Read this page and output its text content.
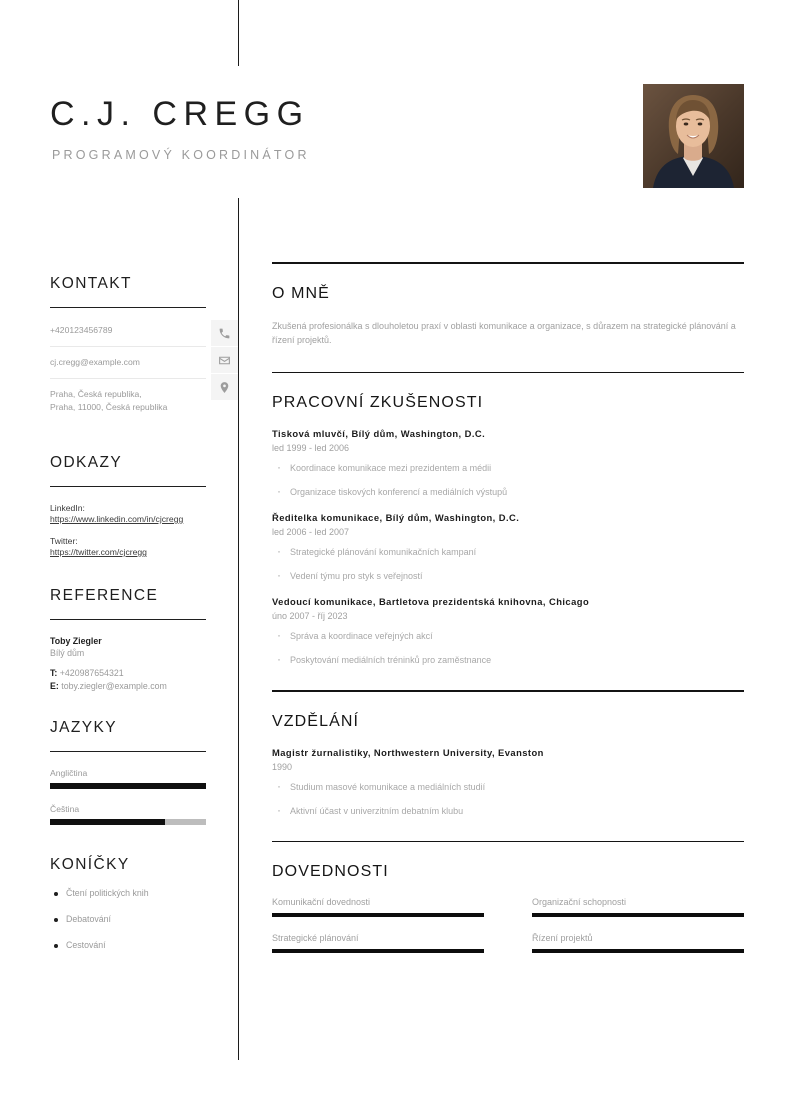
C.J. CREGG
PROGRAMOVÝ KOORDINÁTOR
KONTAKT
+420123456789
cj.cregg@example.com
Praha, Česká republika,
Praha, 11000, Česká republika
ODKAZY
LinkedIn:
https://www.linkedin.com/in/cjcregg
Twitter:
https://twitter.com/cjcregg
REFERENCE
Toby Ziegler
Bílý dům
T: +420987654321
E: toby.ziegler@example.com
JAZYKY
Angličtina
Čeština
KONÍČKY
Čtení politických knih
Debatování
Cestování
O MNĚ
Zkušená profesionálka s dlouholetou praxí v oblasti komunikace a organizace, s důrazem na strategické plánování a řízení projektů.
PRACOVNÍ ZKUŠENOSTI
Tisková mluvčí, Bílý dům, Washington, D.C.
led 1999 - led 2006
· Koordinace komunikace mezi prezidentem a médii
· Organizace tiskových konferencí a mediálních výstupů
Ředitelka komunikace, Bílý dům, Washington, D.C.
led 2006 - led 2007
· Strategické plánování komunikačních kampaní
· Vedení týmu pro styk s veřejností
Vedoucí komunikace, Bartletova prezidentská knihovna, Chicago
úno 2007 - říj 2023
· Správa a koordinace veřejných akcí
· Poskytování mediálních tréninků pro zaměstnance
VZDĚLÁNÍ
Magistr žurnalistiky, Northwestern University, Evanston
1990
· Studium masové komunikace a mediálních studií
· Aktivní účast v univerzitním debatním klubu
DOVEDNOSTI
Komunikační dovednosti	Organizační schopnosti
Strategické plánování	Řízení projektů
